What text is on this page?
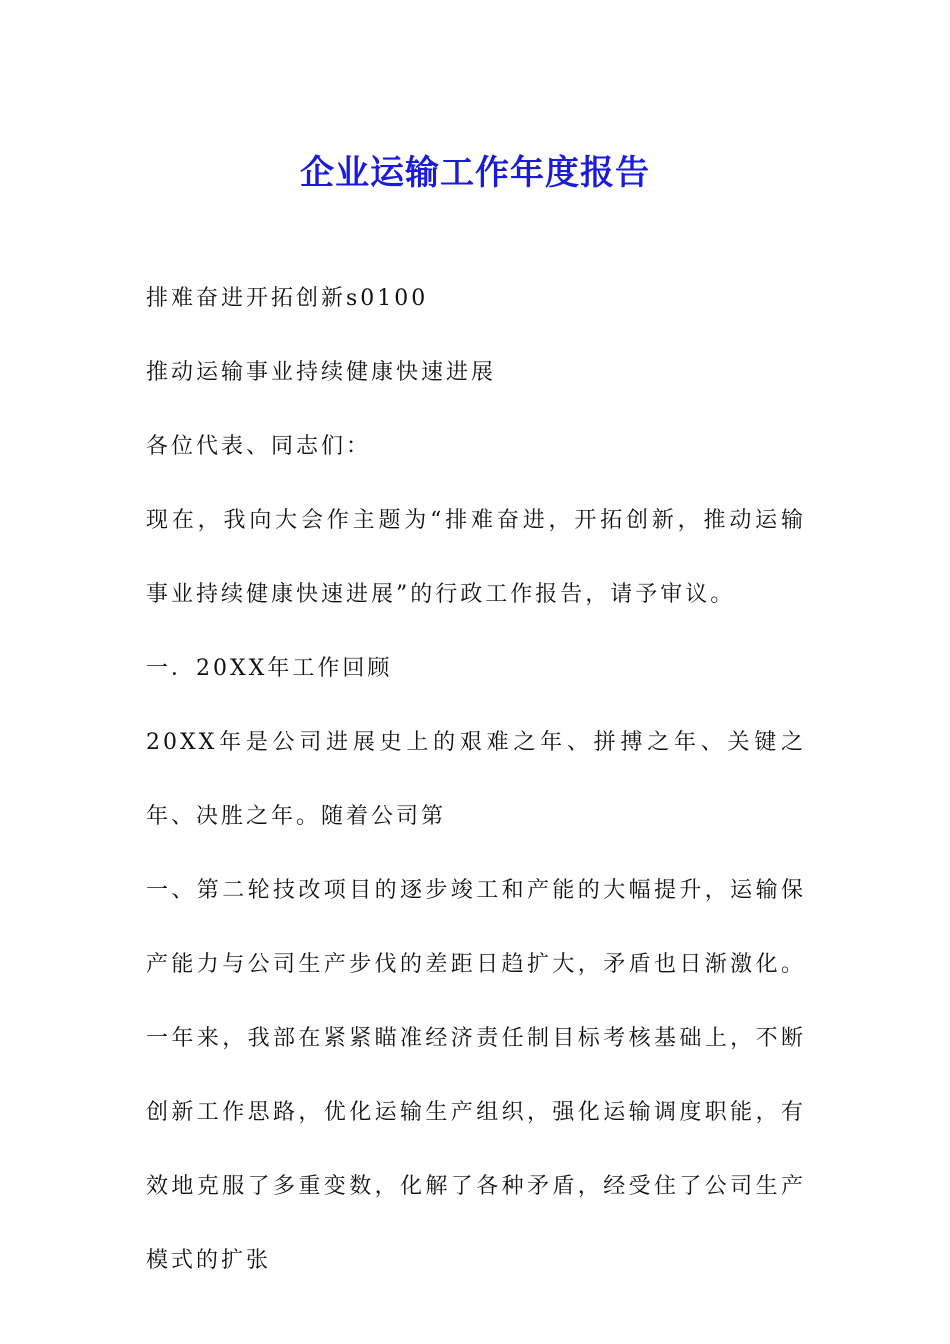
企业运输工作年度报告

排难奋进开拓创新s0100

推动运输事业持续健康快速进展

各位代表、同志们：

现在，我向大会作主题为“排难奋进，开拓创新，推动运输事业持续健康快速进展”的行政工作报告，请予审议。

一．20XX年工作回顾

20XX年是公司进展史上的艰难之年、拼搏之年、关键之年、决胜之年。随着公司第

一、第二轮技改项目的逐步竣工和产能的大幅提升，运输保产能力与公司生产步伐的差距日趋扩大，矛盾也日渐激化。一年来，我部在紧紧瞄准经济责任制目标考核基础上，不断创新工作思路，优化运输生产组织，强化运输调度职能，有效地克服了多重变数，化解了各种矛盾，经受住了公司生产模式的扩张
